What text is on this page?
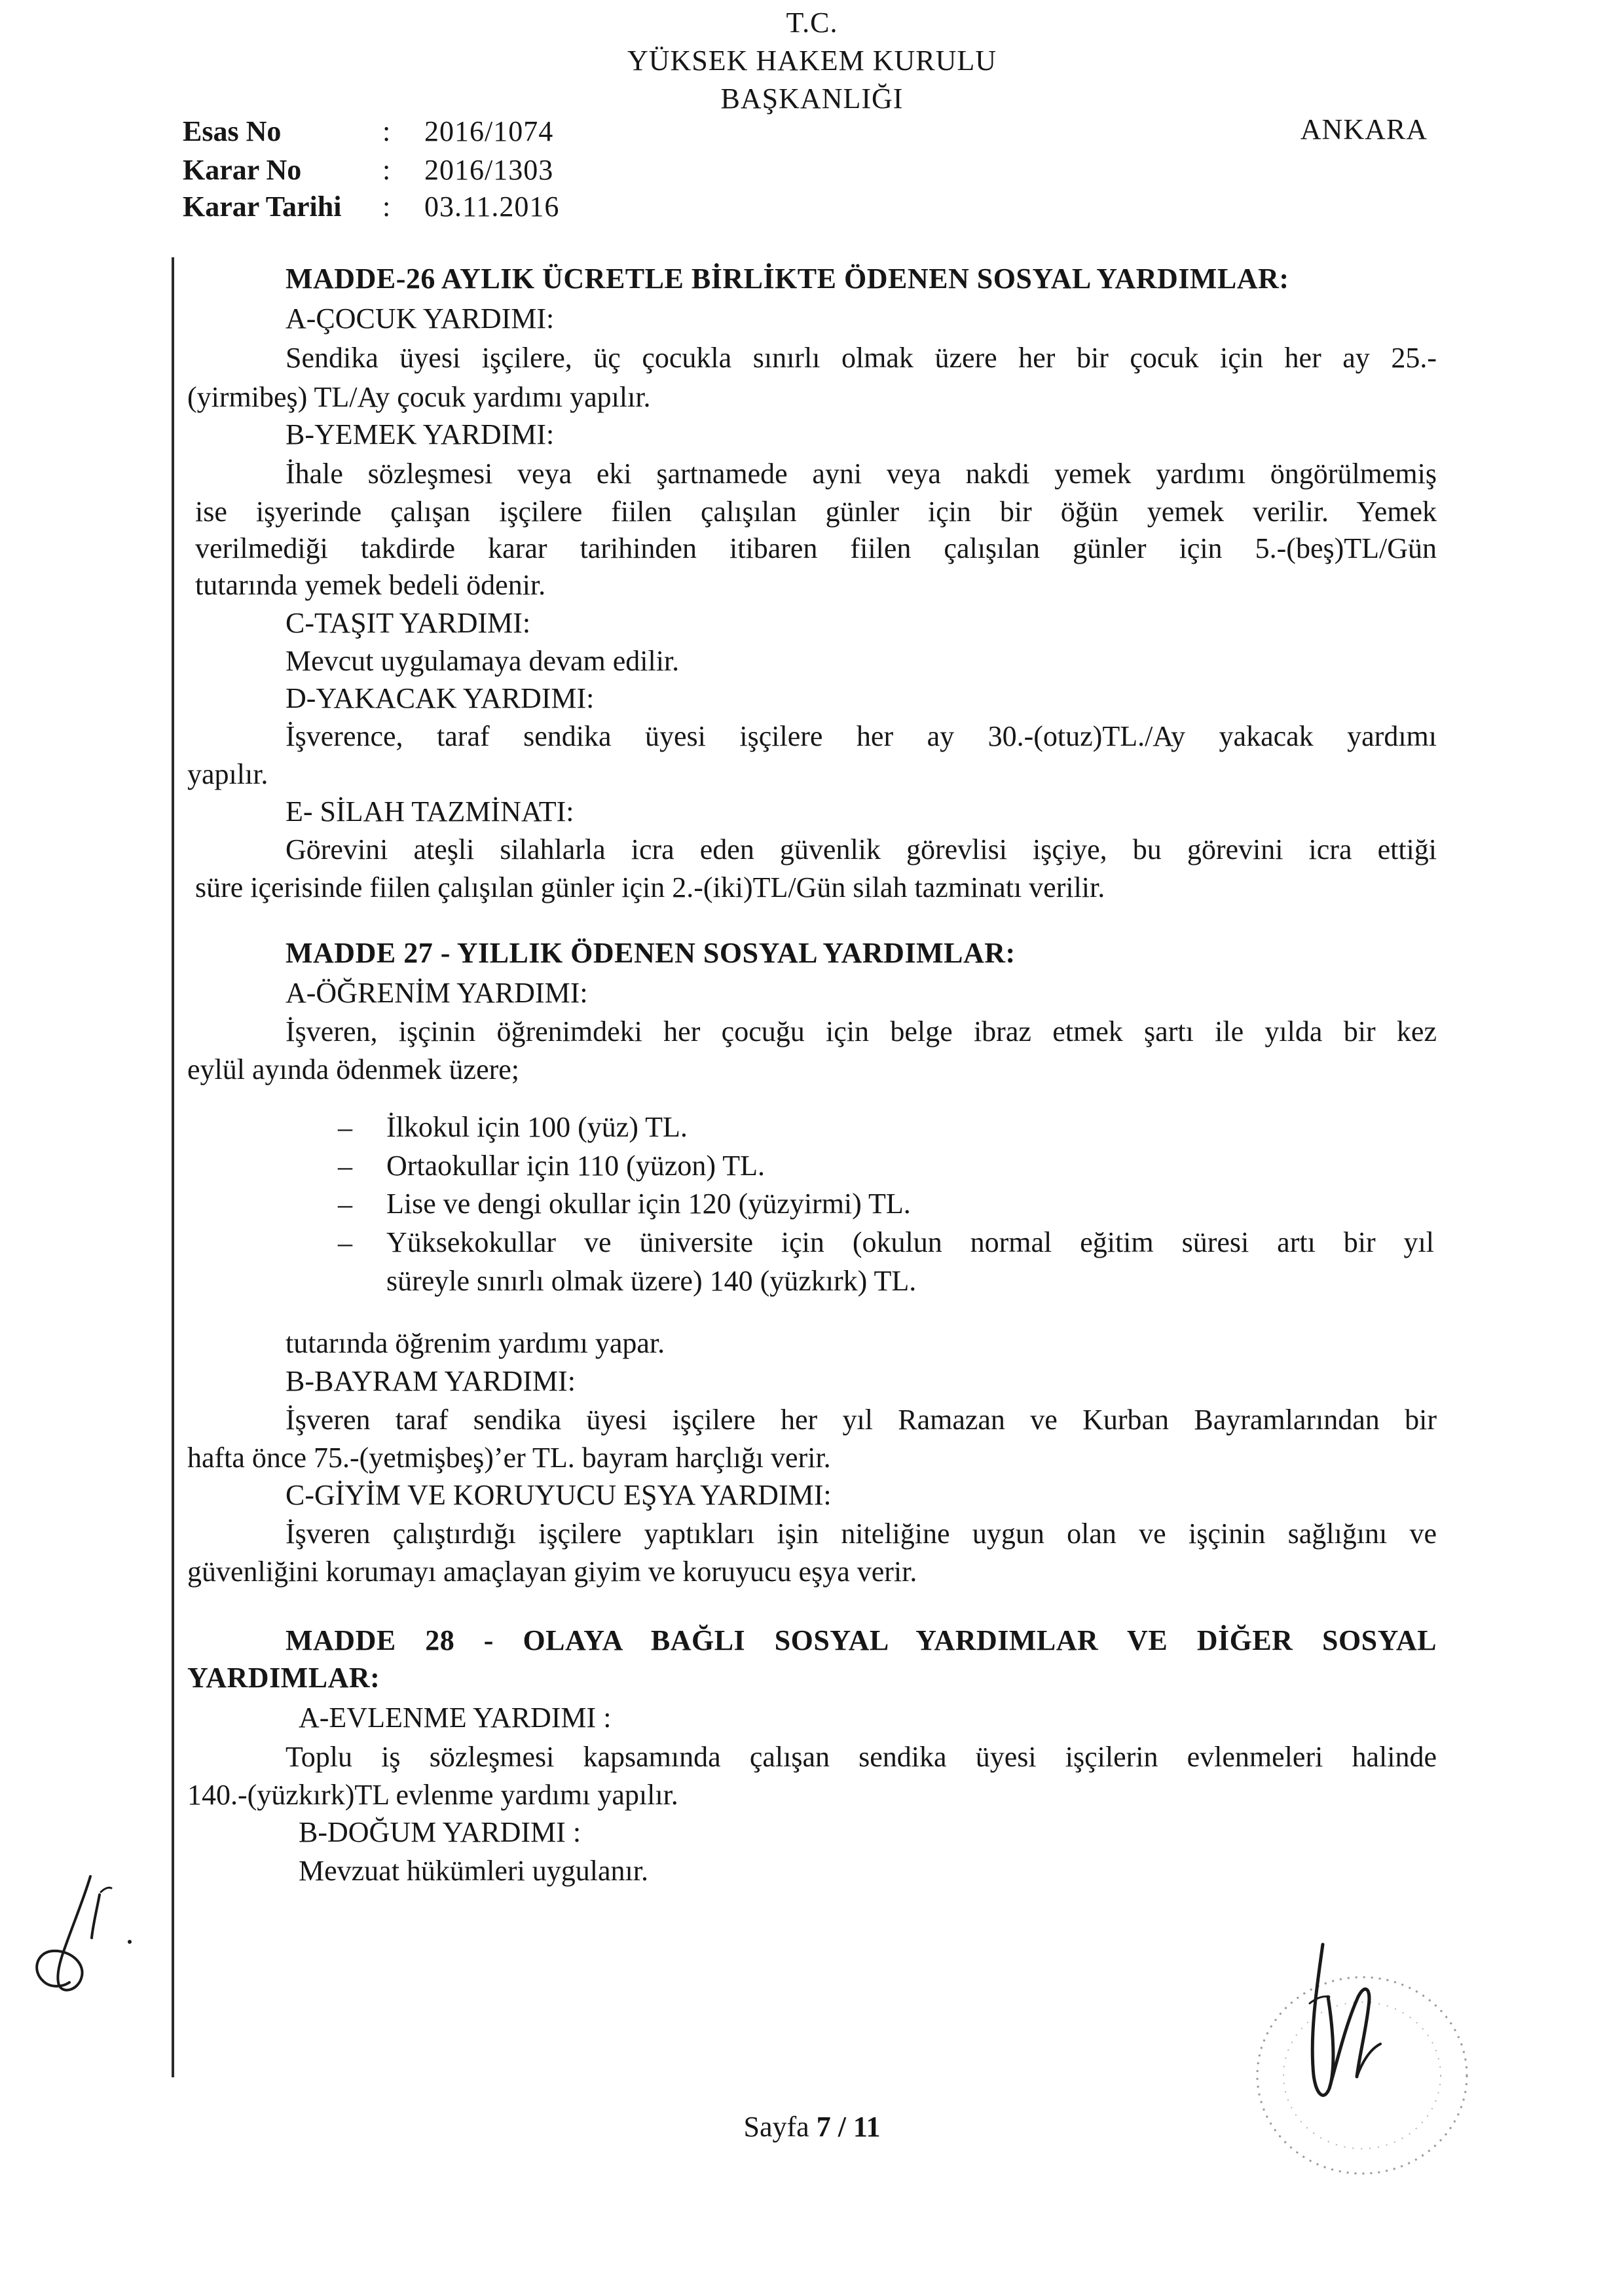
T.C.
YÜKSEK HAKEM KURULU
BAŞKANLIĞI
ANKARA
Esas No	: 2016/1074
Karar No	: 2016/1303
Karar Tarihi : 03.11.2016
MADDE-26 AYLIK ÜCRETLE BİRLİKTE ÖDENEN SOSYAL YARDIMLAR:
A-ÇOCUK YARDIMI:
Sendika üyesi işçilere, üç çocukla sınırlı olmak üzere her bir çocuk için her ay 25.-
(yirmibeş) TL/Ay çocuk yardımı yapılır.
B-YEMEK YARDIMI:
İhale sözleşmesi veya eki şartnamede ayni veya nakdi yemek yardımı öngörülmemiş
ise işyerinde çalışan işçilere fiilen çalışılan günler için bir öğün yemek verilir. Yemek
verilmediği takdirde karar tarihinden itibaren fiilen çalışılan günler için 5.-(beş)TL/Gün
tutarında yemek bedeli ödenir.
C-TAŞIT YARDIMI:
Mevcut uygulamaya devam edilir.
D-YAKACAK YARDIMI:
İşverence, taraf sendika üyesi işçilere her ay 30.-(otuz)TL./Ay yakacak yardımı
yapılır.
E- SİLAH TAZMİNATI:
Görevini ateşli silahlarla icra eden güvenlik görevlisi işçiye, bu görevini icra ettiği
süre içerisinde fiilen çalışılan günler için 2.-(iki)TL/Gün silah tazminatı verilir.
MADDE 27 - YILLIK ÖDENEN SOSYAL YARDIMLAR:
A-ÖĞRENİM YARDIMI:
İşveren, işçinin öğrenimdeki her çocuğu için belge ibraz etmek şartı ile yılda bir kez
eylül ayında ödenmek üzere;
– İlkokul için 100 (yüz) TL.
– Ortaokullar için 110 (yüzon) TL.
– Lise ve dengi okullar için 120 (yüzyirmi) TL.
– Yüksekokullar ve üniversite için (okulun normal eğitim süresi artı bir yıl
süreyle sınırlı olmak üzere) 140 (yüzkırk) TL.
tutarında öğrenim yardımı yapar.
B-BAYRAM YARDIMI:
İşveren taraf sendika üyesi işçilere her yıl Ramazan ve Kurban Bayramlarından bir
hafta önce 75.-(yetmişbeş)’er TL. bayram harçlığı verir.
C-GİYİM VE KORUYUCU EŞYA YARDIMI:
İşveren çalıştırdığı işçilere yaptıkları işin niteliğine uygun olan ve işçinin sağlığını ve
güvenliğini korumayı amaçlayan giyim ve koruyucu eşya verir.
MADDE 28 - OLAYA BAĞLI SOSYAL YARDIMLAR VE DİĞER SOSYAL
YARDIMLAR:
A-EVLENME YARDIMI :
Toplu iş sözleşmesi kapsamında çalışan sendika üyesi işçilerin evlenmeleri halinde
140.-(yüzkırk)TL evlenme yardımı yapılır.
B-DOĞUM YARDIMI :
Mevzuat hükümleri uygulanır.
Sayfa 7 / 11
